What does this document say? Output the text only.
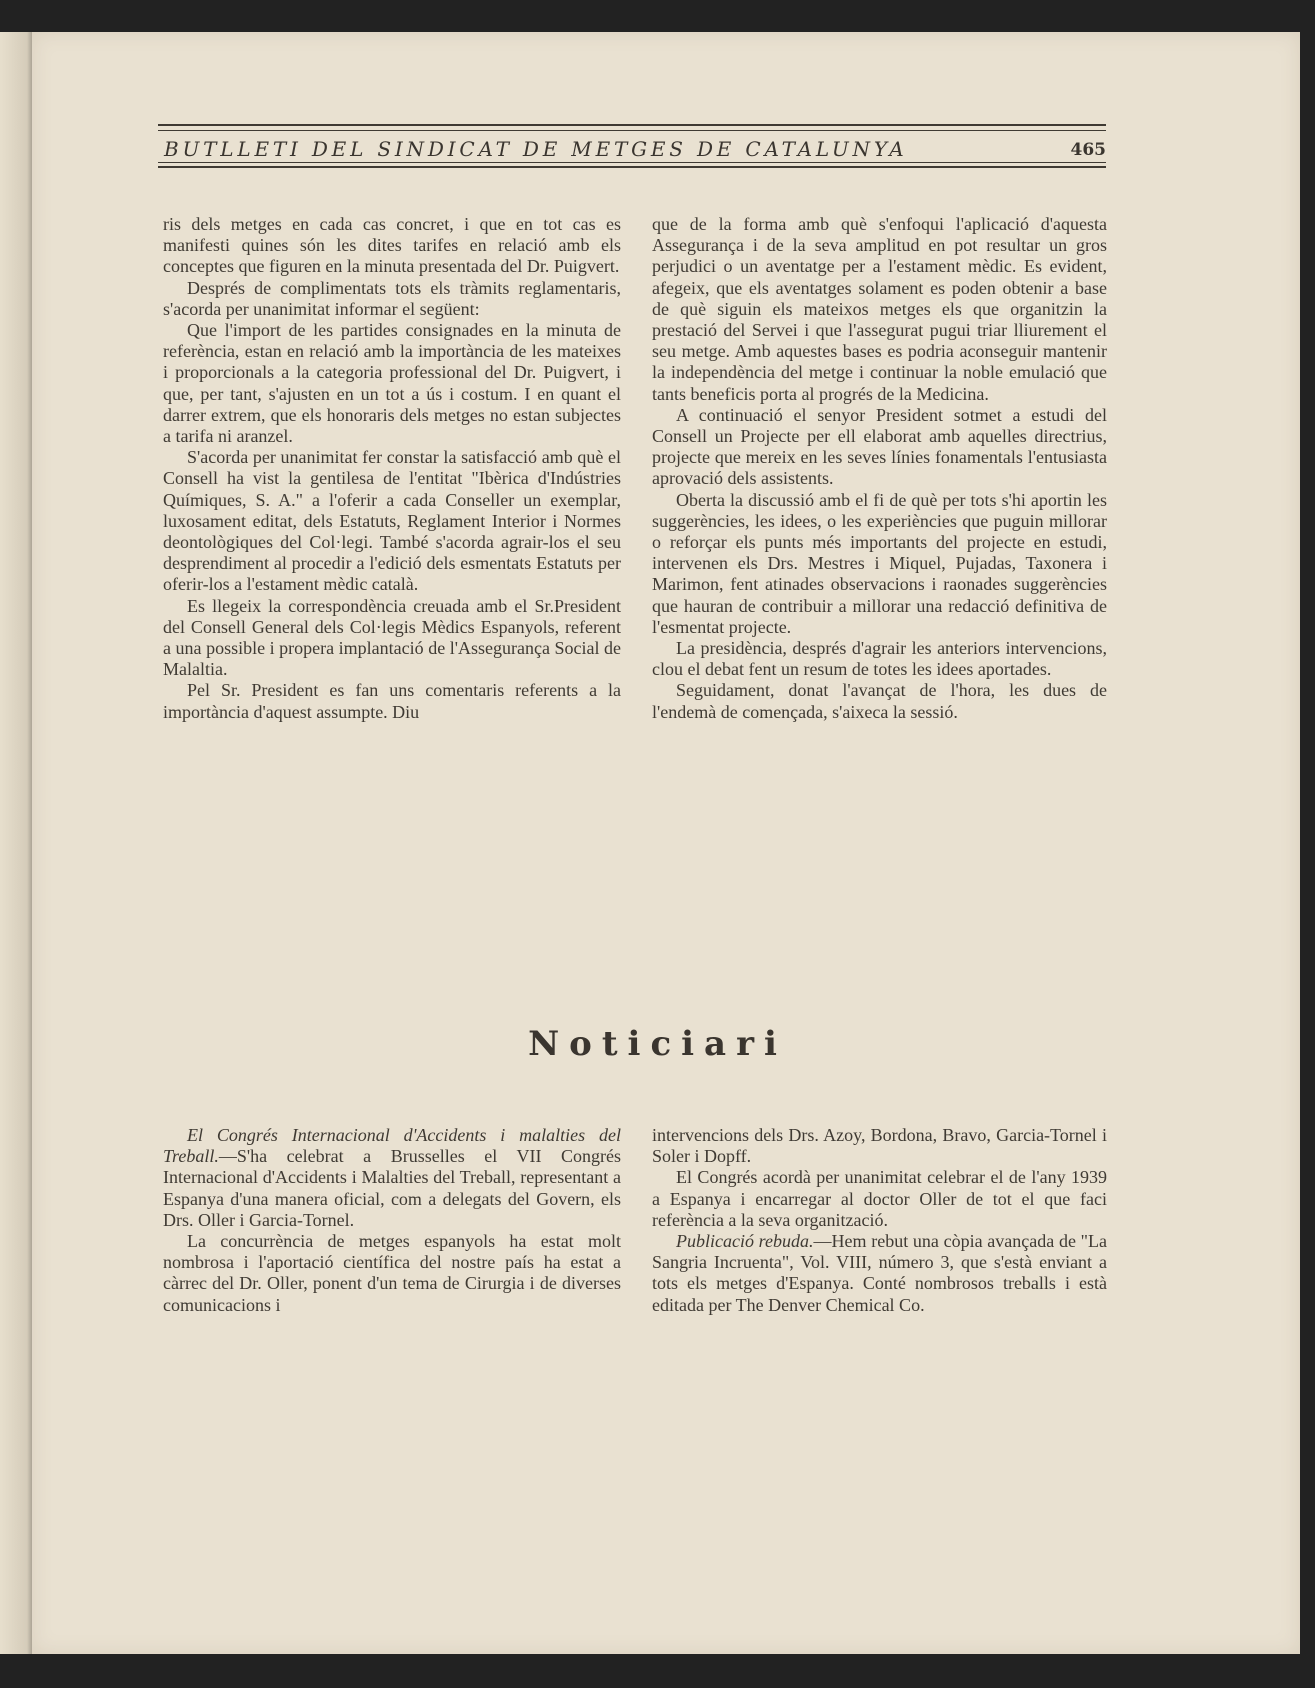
BUTLLETI DEL SINDICAT DE METGES DE CATALUNYA	465

ris dels metges en cada cas concret, i que en tot cas es manifesti quines són les dites tarifes en relació amb els conceptes que figuren en la minuta presentada del Dr. Puigvert.

Després de complimentats tots els tràmits reglamentaris, s'acorda per unanimitat informar el següent:

Que l'import de les partides consignades en la minuta de referència, estan en relació amb la importància de les mateixes i proporcionals a la categoria professional del Dr. Puigvert, i que, per tant, s'ajusten en un tot a ús i costum. I en quant el darrer extrem, que els honoraris dels metges no estan subjectes a tarifa ni aranzel.

S'acorda per unanimitat fer constar la satisfacció amb què el Consell ha vist la gentilesa de l'entitat "Ibèrica d'Indústries Químiques, S. A." a l'oferir a cada Conseller un exemplar, luxosament editat, dels Estatuts, Reglament Interior i Normes deontològiques del Col·legi. També s'acorda agrair-los el seu desprendiment al procedir a l'edició dels esmentats Estatuts per oferir-los a l'estament mèdic català.

Es llegeix la correspondència creuada amb el Sr.President del Consell General dels Col·legis Mèdics Espanyols, referent a una possible i propera implantació de l'Assegurança Social de Malaltia.

Pel Sr. President es fan uns comentaris referents a la importància d'aquest assumpte. Diu

que de la forma amb què s'enfoqui l'aplicació d'aquesta Assegurança i de la seva amplitud en pot resultar un gros perjudici o un aventatge per a l'estament mèdic. Es evident, afegeix, que els aventatges solament es poden obtenir a base de què siguin els mateixos metges els que organitzin la prestació del Servei i que l'assegurat pugui triar lliurement el seu metge. Amb aquestes bases es podria aconseguir mantenir la independència del metge i continuar la noble emulació que tants beneficis porta al progrés de la Medicina.

A continuació el senyor President sotmet a estudi del Consell un Projecte per ell elaborat amb aquelles directrius, projecte que mereix en les seves línies fonamentals l'entusiasta aprovació dels assistents.

Oberta la discussió amb el fi de què per tots s'hi aportin les suggerències, les idees, o les experiències que puguin millorar o reforçar els punts més importants del projecte en estudi, intervenen els Drs. Mestres i Miquel, Pujadas, Taxonera i Marimon, fent atinades observacions i raonades suggerències que hauran de contribuir a millorar una redacció definitiva de l'esmentat projecte.

La presidència, després d'agrair les anteriors intervencions, clou el debat fent un resum de totes les idees aportades.

Seguidament, donat l'avançat de l'hora, les dues de l'endemà de començada, s'aixeca la sessió.

Noticiari

El Congrés Internacional d'Accidents i malalties del Treball.—S'ha celebrat a Brusselles el VII Congrés Internacional d'Accidents i Malalties del Treball, representant a Espanya d'una manera oficial, com a delegats del Govern, els Drs. Oller i Garcia-Tornel.

La concurrència de metges espanyols ha estat molt nombrosa i l'aportació científica del nostre país ha estat a càrrec del Dr. Oller, ponent d'un tema de Cirurgia i de diverses comunicacions i

intervencions dels Drs. Azoy, Bordona, Bravo, Garcia-Tornel i Soler i Dopff.

El Congrés acordà per unanimitat celebrar el de l'any 1939 a Espanya i encarregar al doctor Oller de tot el que faci referència a la seva organització.

Publicació rebuda.—Hem rebut una còpia avançada de "La Sangria Incruenta", Vol. VIII, número 3, que s'està enviant a tots els metges d'Espanya. Conté nombrosos treballs i està editada per The Denver Chemical Co.
